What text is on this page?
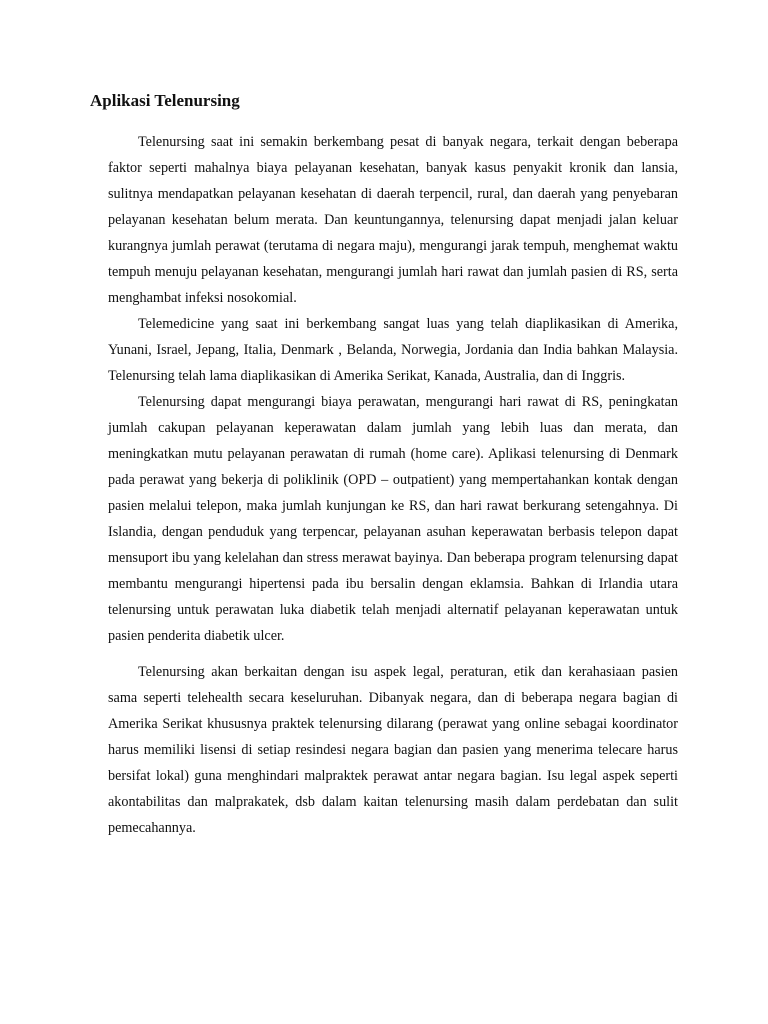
Aplikasi Telenursing

Telenursing saat ini semakin berkembang pesat di banyak negara, terkait dengan beberapa faktor seperti mahalnya biaya pelayanan kesehatan, banyak kasus penyakit kronik dan lansia, sulitnya mendapatkan pelayanan kesehatan di daerah terpencil, rural, dan daerah yang penyebaran pelayanan kesehatan belum merata. Dan keuntungannya, telenursing dapat menjadi jalan keluar kurangnya jumlah perawat (terutama di negara maju), mengurangi jarak tempuh, menghemat waktu tempuh menuju pelayanan kesehatan, mengurangi jumlah hari rawat dan jumlah pasien di RS, serta menghambat infeksi nosokomial.

Telemedicine yang saat ini berkembang sangat luas yang telah diaplikasikan di Amerika, Yunani, Israel, Jepang, Italia, Denmark , Belanda, Norwegia, Jordania dan India bahkan Malaysia. Telenursing telah lama diaplikasikan di Amerika Serikat, Kanada, Australia, dan di Inggris.

Telenursing dapat mengurangi biaya perawatan, mengurangi hari rawat di RS, peningkatan jumlah cakupan pelayanan keperawatan dalam jumlah yang lebih luas dan merata, dan meningkatkan mutu pelayanan perawatan di rumah (home care). Aplikasi telenursing di Denmark pada perawat yang bekerja di poliklinik (OPD – outpatient) yang mempertahankan kontak dengan pasien melalui telepon, maka jumlah kunjungan ke RS, dan hari rawat berkurang setengahnya. Di Islandia, dengan penduduk yang terpencar, pelayanan asuhan keperawatan berbasis telepon dapat mensuport ibu yang kelelahan dan stress merawat bayinya. Dan beberapa program telenursing dapat membantu mengurangi hipertensi pada ibu bersalin dengan eklamsia. Bahkan di Irlandia utara telenursing untuk perawatan luka diabetik telah menjadi alternatif pelayanan keperawatan untuk pasien penderita diabetik ulcer.

Telenursing akan berkaitan dengan isu aspek legal, peraturan, etik dan kerahasiaan pasien sama seperti telehealth secara keseluruhan. Dibanyak negara, dan di beberapa negara bagian di Amerika Serikat khususnya praktek telenursing dilarang (perawat yang online sebagai koordinator harus memiliki lisensi di setiap resindesi negara bagian dan pasien yang menerima telecare harus bersifat lokal) guna menghindari malpraktek perawat antar negara bagian. Isu legal aspek seperti akontabilitas dan malprakatek, dsb dalam kaitan telenursing masih dalam perdebatan dan sulit pemecahannya.
